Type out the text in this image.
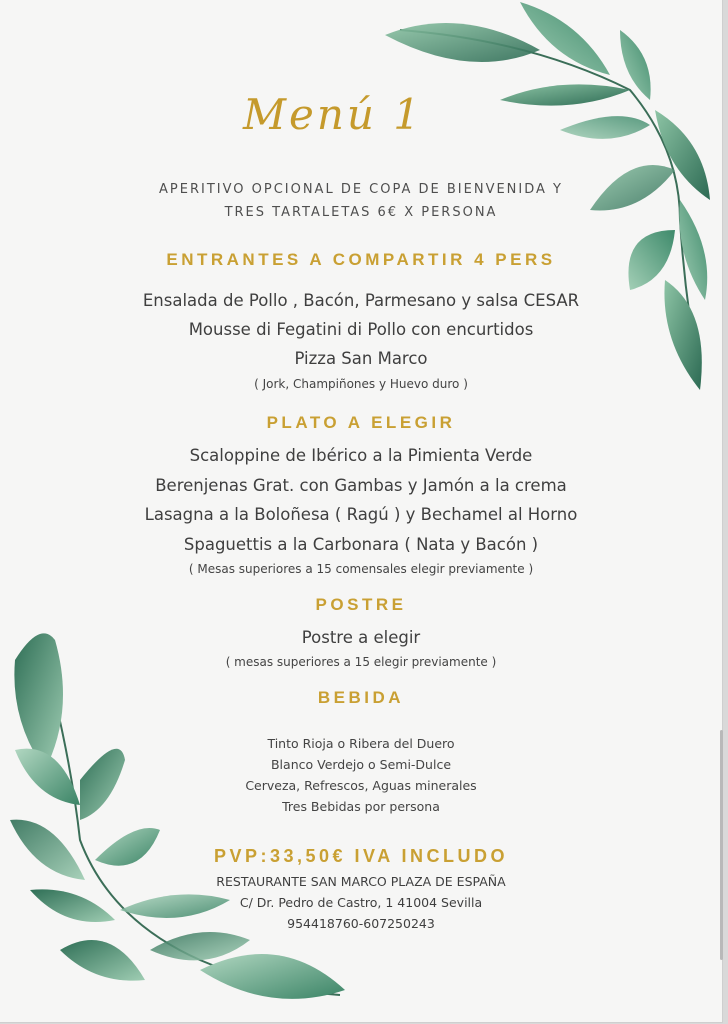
Menú 1
APERITIVO OPCIONAL DE COPA DE BIENVENIDA Y
TRES TARTALETAS 6€ X PERSONA
ENTRANTES A COMPARTIR 4 PERS
Ensalada de Pollo , Bacón, Parmesano y salsa CESAR
Mousse di Fegatini di Pollo con encurtidos
Pizza San Marco
( Jork, Champiñones y Huevo duro )
PLATO A ELEGIR
Scaloppine de Ibérico a la Pimienta Verde
Berenjenas Grat. con Gambas y Jamón a la crema
Lasagna a la Boloñesa ( Ragú ) y Bechamel al Horno
Spaguettis a la Carbonara ( Nata y Bacón )
( Mesas superiores a 15 comensales elegir previamente )
POSTRE
Postre a elegir
( mesas superiores a 15 elegir previamente )
BEBIDA
Tinto Rioja o Ribera del Duero
Blanco Verdejo o Semi-Dulce
Cerveza, Refrescos, Aguas minerales
Tres Bebidas por persona
PVP:33,50€ IVA INCLUDO
RESTAURANTE SAN MARCO PLAZA DE ESPAÑA
C/ Dr. Pedro de Castro, 1 41004 Sevilla
954418760-607250243
